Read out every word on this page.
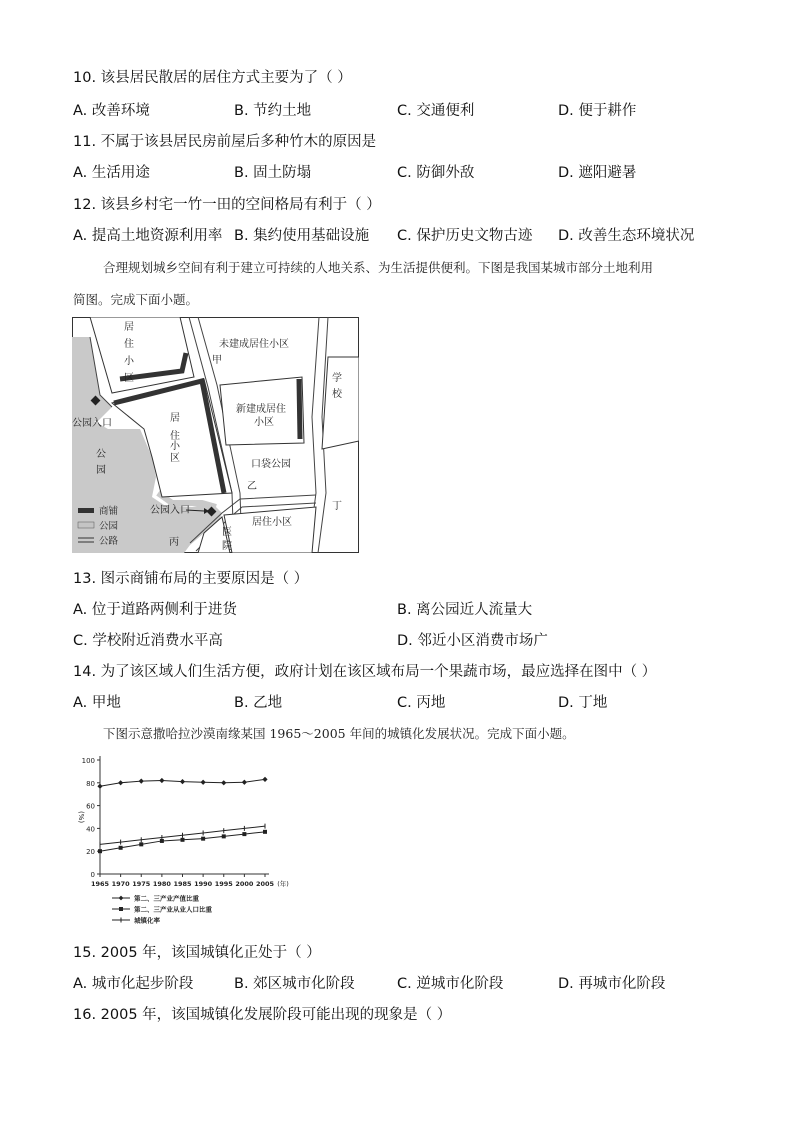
10. 该县居民散居的居住方式主要为了（ ）
A. 改善环境	B. 节约土地	C. 交通便利	D. 便于耕作
11. 不属于该县居民房前屋后多种竹木的原因是
A. 生活用途	B. 固土防塌	C. 防御外敌	D. 遮阳避暑
12. 该县乡村宅一竹一田的空间格局有利于（ ）
A. 提高土地资源利用率 B. 集约使用基础设施 C. 保护历史文物古迹 D. 改善生态环境状况
合理规划城乡空间有利于建立可持续的人地关系、为生活提供便利。下图是我国某城市部分土地利用
简图。完成下面小题。
居
住
小
区
未建成居住小区
甲
学
校
新建成居住
小区
居
住
小
区
公园入口
公
园
口袋公园
乙
丁
公园入口
居住小区
丙
医
院
商铺
公园
公路
13. 图示商铺布局的主要原因是（ ）
A. 位于道路两侧利于进货	B. 离公园近人流量大
C. 学校附近消费水平高	D. 邻近小区消费市场广
14. 为了该区域人们生活方便，政府计划在该区域布局一个果蔬市场，最应选择在图中（ ）
A. 甲地	B. 乙地	C. 丙地	D. 丁地
下图示意撒哈拉沙漠南缘某国 1965～2005 年间的城镇化发展状况。完成下面小题。
0
20
40
60
80
100
(%)
1965 1970 1975 1980 1985 1990 1995 2000 2005 (年)
第二、三产业产值比重
第二、三产业从业人口比重
城镇化率
15. 2005 年，该国城镇化正处于（ ）
A. 城市化起步阶段	B. 郊区城市化阶段	C. 逆城市化阶段	D. 再城市化阶段
16. 2005 年，该国城镇化发展阶段可能出现的现象是（ ）
